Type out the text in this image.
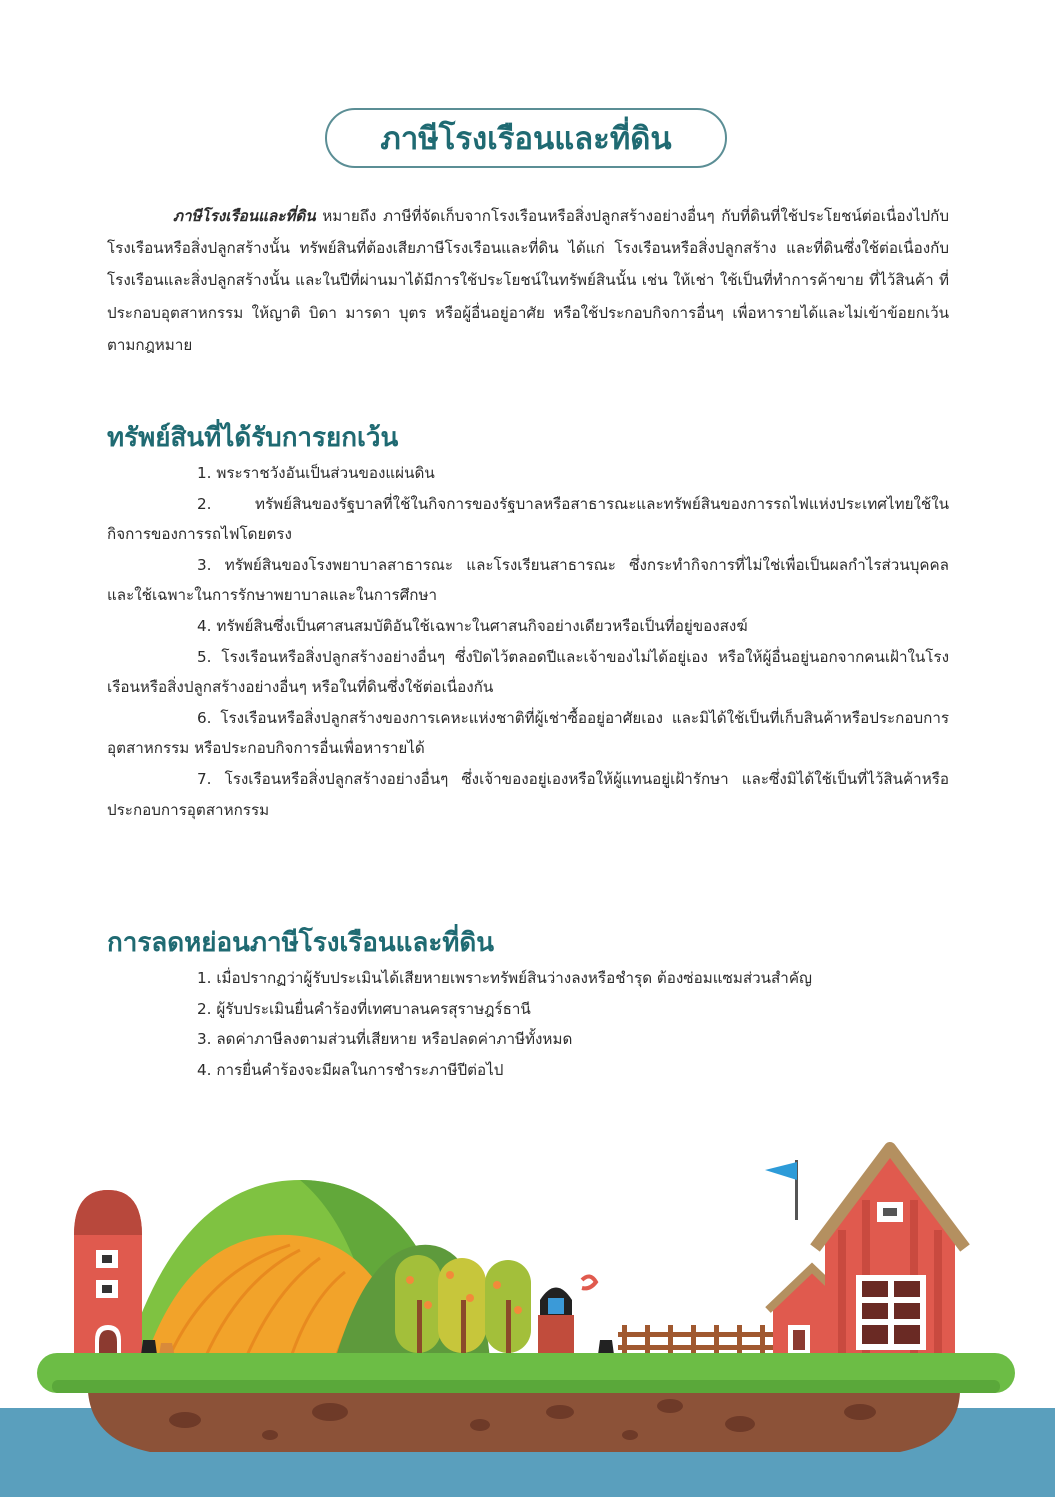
ภาษีโรงเรือนและที่ดิน

ภาษีโรงเรือนและที่ดิน หมายถึง ภาษีที่จัดเก็บจากโรงเรือนหรือสิ่งปลูกสร้างอย่างอื่นๆ กับที่ดินที่ใช้ประโยชน์ต่อเนื่องไปกับโรงเรือนหรือสิ่งปลูกสร้างนั้น ทรัพย์สินที่ต้องเสียภาษีโรงเรือนและที่ดิน ได้แก่ โรงเรือนหรือสิ่งปลูกสร้าง และที่ดินซึ่งใช้ต่อเนื่องกับโรงเรือนและสิ่งปลูกสร้างนั้น และในปีที่ผ่านมาได้มีการใช้ประโยชน์ในทรัพย์สินนั้น เช่น ให้เช่า ใช้เป็นที่ทำการค้าขาย ที่ไว้สินค้า ที่ประกอบอุตสาหกรรม ให้ญาติ บิดา มารดา บุตร หรือผู้อื่นอยู่อาศัย หรือใช้ประกอบกิจการอื่นๆ เพื่อหารายได้และไม่เข้าข้อยกเว้นตามกฎหมาย

ทรัพย์สินที่ได้รับการยกเว้น
1. พระราชวังอันเป็นส่วนของแผ่นดิน
2. ทรัพย์สินของรัฐบาลที่ใช้ในกิจการของรัฐบาลหรือสาธารณะและทรัพย์สินของการรถไฟแห่งประเทศไทยใช้ในกิจการของการรถไฟโดยตรง
3. ทรัพย์สินของโรงพยาบาลสาธารณะ และโรงเรียนสาธารณะ ซึ่งกระทำกิจการที่ไม่ใช่เพื่อเป็นผลกำไรส่วนบุคคล และใช้เฉพาะในการรักษาพยาบาลและในการศึกษา
4. ทรัพย์สินซึ่งเป็นศาสนสมบัติอันใช้เฉพาะในศาสนกิจอย่างเดียวหรือเป็นที่อยู่ของสงฆ์
5. โรงเรือนหรือสิ่งปลูกสร้างอย่างอื่นๆ ซึ่งปิดไว้ตลอดปีและเจ้าของไม่ได้อยู่เอง หรือให้ผู้อื่นอยู่นอกจากคนเฝ้าในโรงเรือนหรือสิ่งปลูกสร้างอย่างอื่นๆ หรือในที่ดินซึ่งใช้ต่อเนื่องกัน
6. โรงเรือนหรือสิ่งปลูกสร้างของการเคหะแห่งชาติที่ผู้เช่าซื้ออยู่อาศัยเอง และมิได้ใช้เป็นที่เก็บสินค้าหรือประกอบการอุตสาหกรรม หรือประกอบกิจการอื่นเพื่อหารายได้
7. โรงเรือนหรือสิ่งปลูกสร้างอย่างอื่นๆ ซึ่งเจ้าของอยู่เองหรือให้ผู้แทนอยู่เฝ้ารักษา และซึ่งมิได้ใช้เป็นที่ไว้สินค้าหรือประกอบการอุตสาหกรรม
การลดหย่อนภาษีโรงเรือนและที่ดิน
1. เมื่อปรากฏว่าผู้รับประเมินได้เสียหายเพราะทรัพย์สินว่างลงหรือชำรุด ต้องซ่อมแซมส่วนสำคัญ
2. ผู้รับประเมินยื่นคำร้องที่เทศบาลนครสุราษฎร์ธานี
3. ลดค่าภาษีลงตามส่วนที่เสียหาย หรือปลดค่าภาษีทั้งหมด
4. การยื่นคำร้องจะมีผลในการชำระภาษีปีต่อไป
